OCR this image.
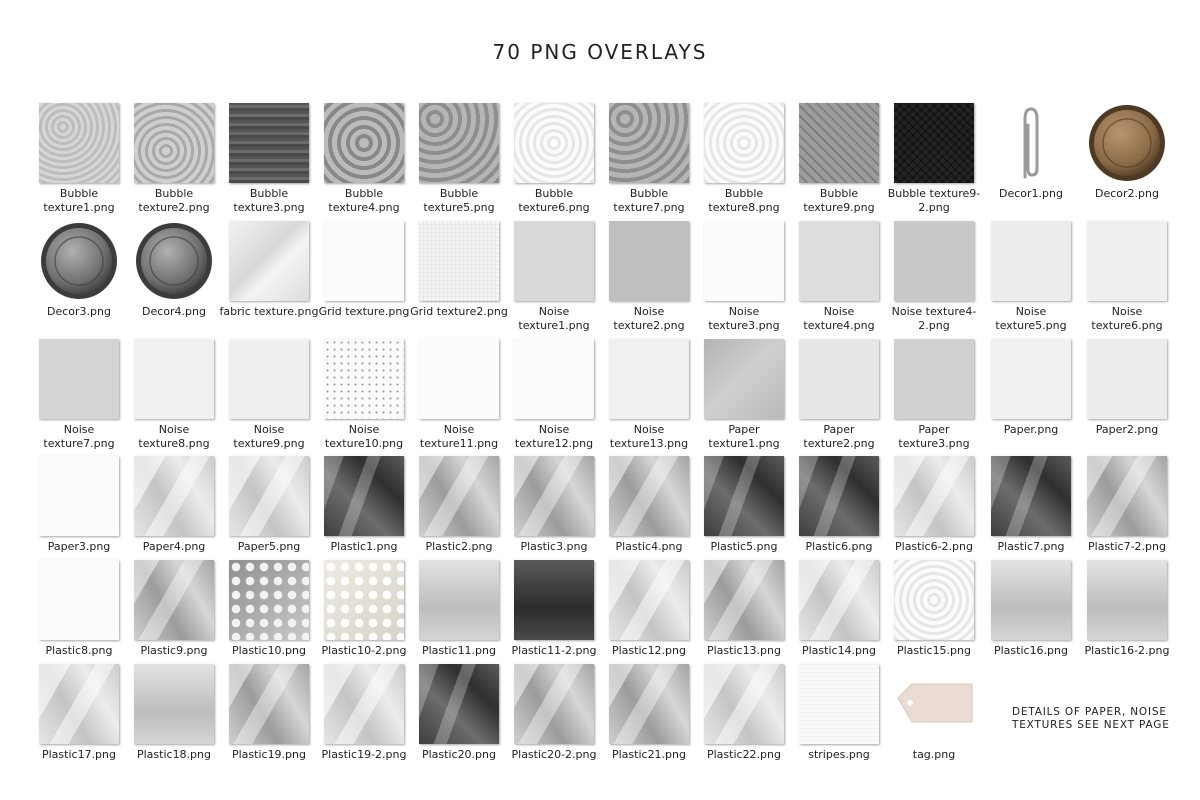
70 PNG OVERLAYS
Bubble texture1.png
Bubble texture2.png
Bubble texture3.png
Bubble texture4.png
Bubble texture5.png
Bubble texture6.png
Bubble texture7.png
Bubble texture8.png
Bubble texture9.png
Bubble texture9-2.png
Decor1.png	Decor2.png
Decor3.png	Decor4.png	fabric texture.png Grid texture.png Grid texture2.png	Noise texture1.png
Noise texture2.png
Noise texture3.png
Noise texture4.png
Noise texture4-2.png
Noise texture5.png
Noise texture6.png
Noise texture7.png
Noise texture8.png
Noise texture9.png
Noise texture10.png
Noise texture11.png
Noise texture12.png
Noise texture13.png
Paper texture1.png
Paper texture2.png
Paper texture3.png
Paper.png	Paper2.png
Paper3.png	Paper4.png	Paper5.png	Plastic1.png	Plastic2.png	Plastic3.png	Plastic4.png	Plastic5.png	Plastic6.png	Plastic6-2.png	Plastic7.png	Plastic7-2.png
Plastic8.png	Plastic9.png	Plastic10.png	Plastic10-2.png	Plastic11.png	Plastic11-2.png	Plastic12.png	Plastic13.png	Plastic14.png	Plastic15.png	Plastic16.png	Plastic16-2.png
Plastic17.png	Plastic18.png	Plastic19.png	Plastic19-2.png	Plastic20.png	Plastic20-2.png	Plastic21.png	Plastic22.png	stripes.png	tag.png
DETAILS OF PAPER, NOISE TEXTURES SEE NEXT PAGE
